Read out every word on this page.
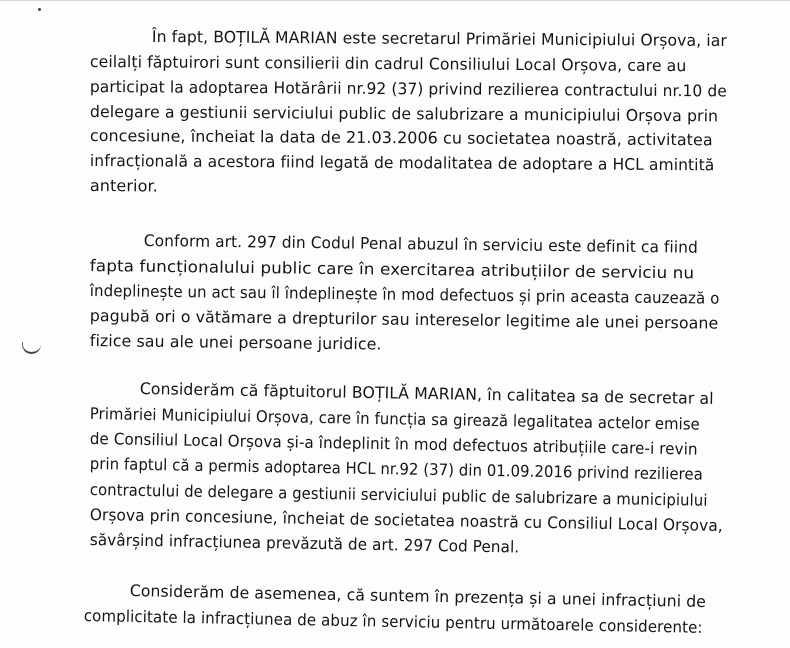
În fapt, BOȚILĂ MARIAN este secretarul Primăriei Municipiului Orșova, iar
ceilalți făptuirori sunt consilierii din cadrul Consiliului Local Orșova, care au
participat la adoptarea Hotărârii nr.92 (37) privind rezilierea contractului nr.10 de
delegare a gestiunii serviciului public de salubrizare a municipiului Orșova prin
concesiune, încheiat la data de 21.03.2006 cu societatea noastră, activitatea
infracțională a acestora fiind legată de modalitatea de adoptare a HCL amintită
anterior.
Conform art. 297 din Codul Penal abuzul în serviciu este definit ca fiind
fapta funcționalului public care în exercitarea atribuțiilor de serviciu nu
îndeplinește un act sau îl îndeplinește în mod defectuos și prin aceasta cauzează o
pagubă ori o vătămare a drepturilor sau intereselor legitime ale unei persoane
fizice sau ale unei persoane juridice.
Considerăm că făptuitorul BOȚILĂ MARIAN, în calitatea sa de secretar al
Primăriei Municipiului Orșova, care în funcția sa girează legalitatea actelor emise
de Consiliul Local Orșova și-a îndeplinit în mod defectuos atribuțiile care-i revin
prin faptul că a permis adoptarea HCL nr.92 (37) din 01.09.2016 privind rezilierea
contractului de delegare a gestiunii serviciului public de salubrizare a municipiului
Orșova prin concesiune, încheiat de societatea noastră cu Consiliul Local Orșova,
săvârșind infracțiunea prevăzută de art. 297 Cod Penal.
Considerăm de asemenea, că suntem în prezența și a unei infracțiuni de
complicitate la infracțiunea de abuz în serviciu pentru următoarele considerente:
